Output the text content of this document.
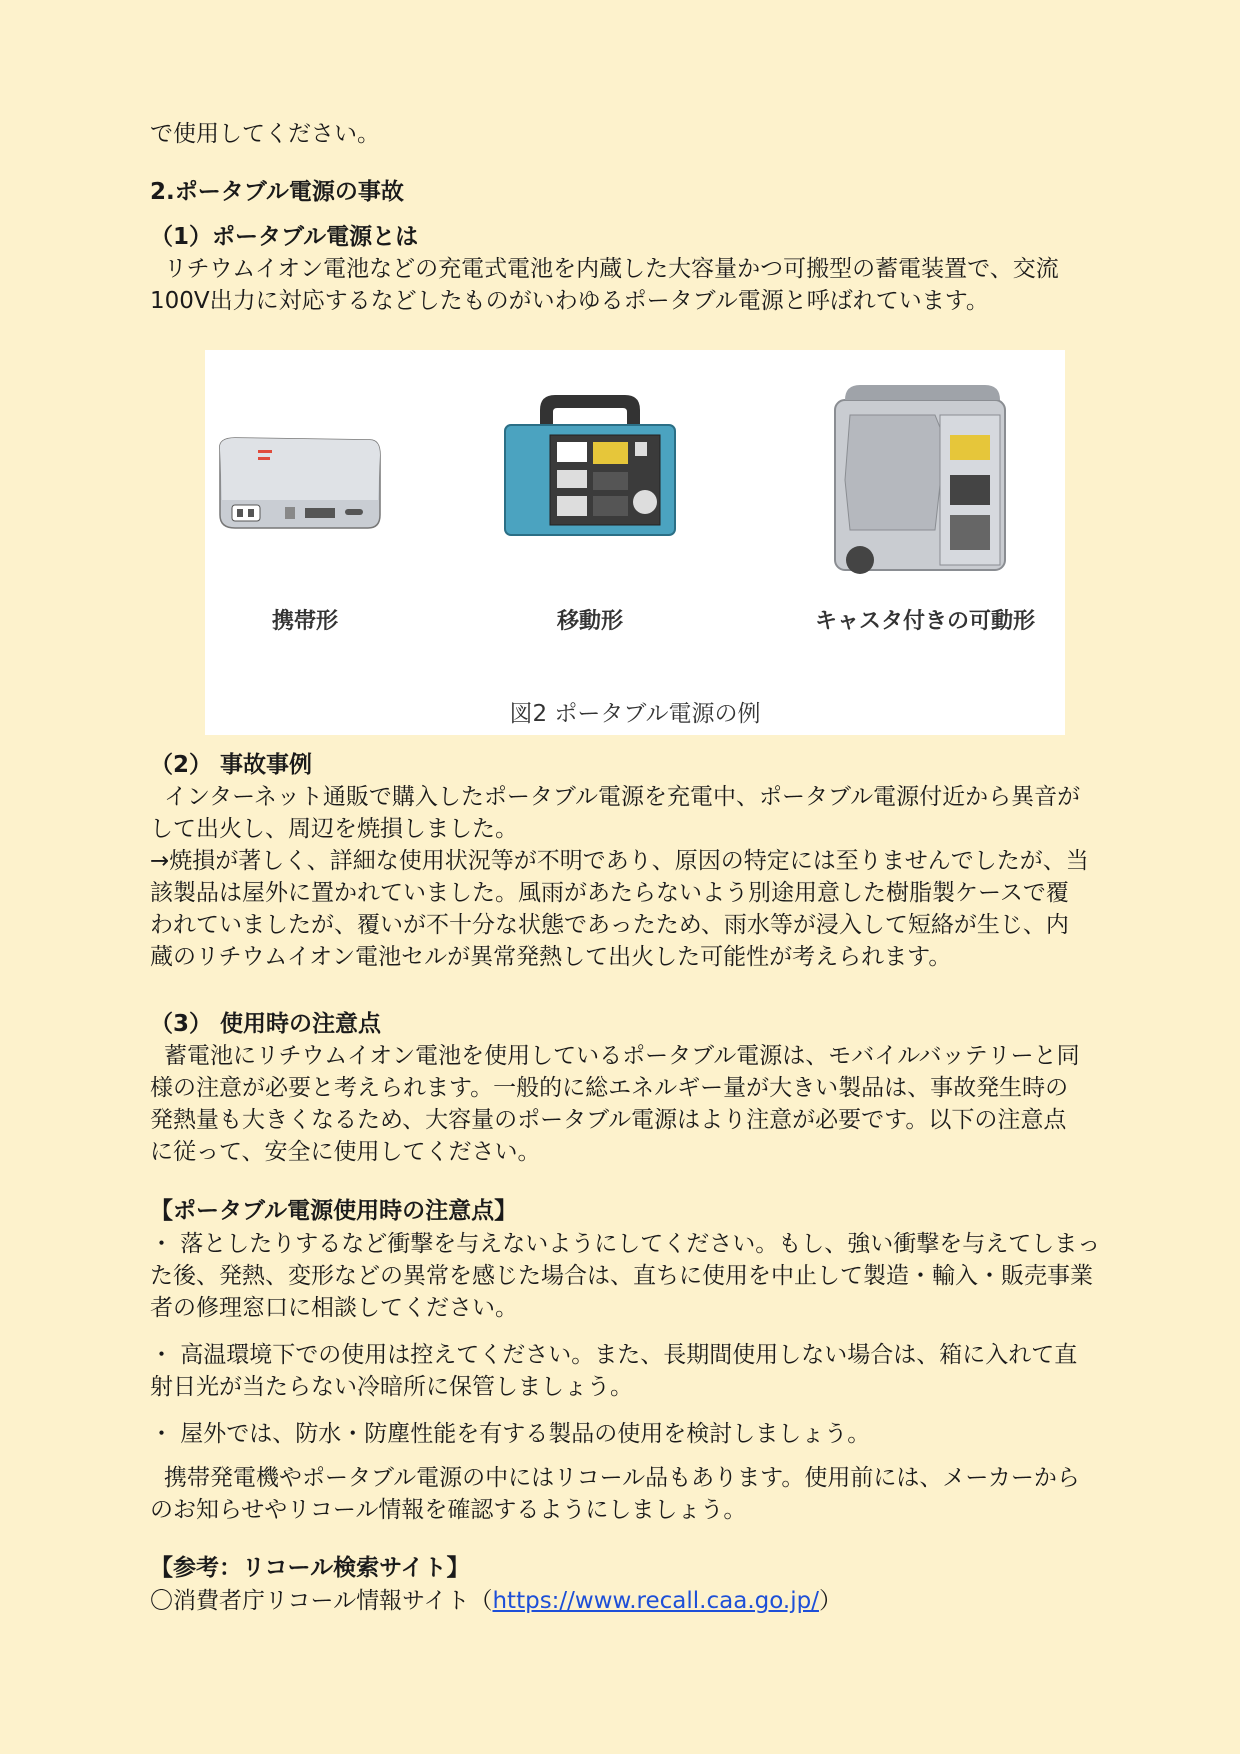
で使用してください。
2.ポータブル電源の事故
（1）ポータブル電源とは
リチウムイオン電池などの充電式電池を内蔵した大容量かつ可搬型の蓄電装置で、交流
100V出力に対応するなどしたものがいわゆるポータブル電源と呼ばれています。
携帯形	移動形	キャスタ付きの可動形
図2 ポータブル電源の例
（2） 事故事例
インターネット通販で購入したポータブル電源を充電中、ポータブル電源付近から異音が
して出火し、周辺を焼損しました。
→焼損が著しく、詳細な使用状況等が不明であり、原因の特定には至りませんでしたが、当
該製品は屋外に置かれていました。風雨があたらないよう別途用意した樹脂製ケースで覆
われていましたが、覆いが不十分な状態であったため、雨水等が浸入して短絡が生じ、内
蔵のリチウムイオン電池セルが異常発熱して出火した可能性が考えられます。
（3） 使用時の注意点
蓄電池にリチウムイオン電池を使用しているポータブル電源は、モバイルバッテリーと同
様の注意が必要と考えられます。一般的に総エネルギー量が大きい製品は、事故発生時の
発熱量も大きくなるため、大容量のポータブル電源はより注意が必要です。以下の注意点
に従って、安全に使用してください。
【ポータブル電源使用時の注意点】
・ 落としたりするなど衝撃を与えないようにしてください。もし、強い衝撃を与えてしまっ
た後、発熱、変形などの異常を感じた場合は、直ちに使用を中止して製造・輸入・販売事業
者の修理窓口に相談してください。
・ 高温環境下での使用は控えてください。また、長期間使用しない場合は、箱に入れて直
射日光が当たらない冷暗所に保管しましょう。
・ 屋外では、防水・防塵性能を有する製品の使用を検討しましょう。
携帯発電機やポータブル電源の中にはリコール品もあります。使用前には、メーカーから
のお知らせやリコール情報を確認するようにしましょう。
【参考：リコール検索サイト】
〇消費者庁リコール情報サイト（https://www.recall.caa.go.jp/）
